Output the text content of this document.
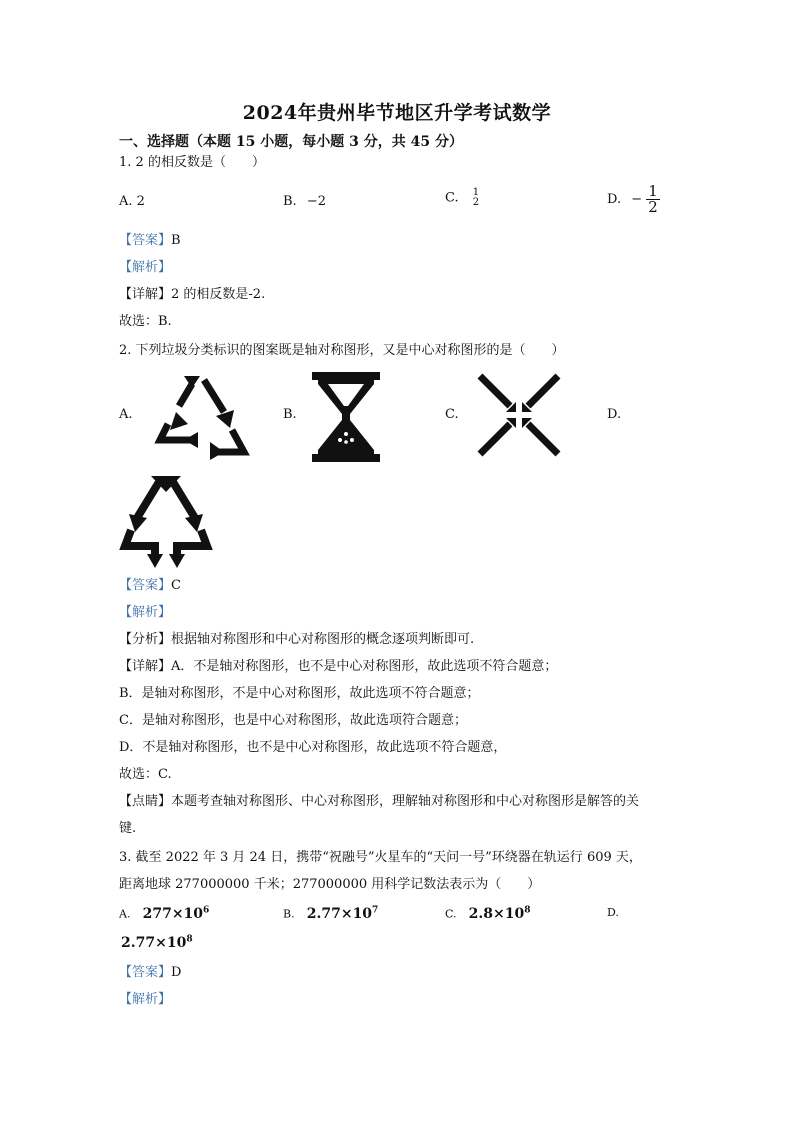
2024年贵州毕节地区升学考试数学
一、选择题（本题 15 小题，每小题 3 分，共 45 分）
1. 2 的相反数是（　　）
A. 2	B. −2	C. 1
2	D. − $\frac{1}{2}$
【答案】B
【解析】
【详解】2 的相反数是-2.
故选：B.
2. 下列垃圾分类标识的图案既是轴对称图形，又是中心对称图形的是（　　）
A.	B.	C.	D.
【答案】C
【解析】
【分析】根据轴对称图形和中心对称图形的概念逐项判断即可.
【详解】A．不是轴对称图形，也不是中心对称图形，故此选项不符合题意；
B．是轴对称图形，不是中心对称图形，故此选项不符合题意；
C．是轴对称图形，也是中心对称图形，故此选项符合题意；
D．不是轴对称图形，也不是中心对称图形，故此选项不符合题意，
故选：C.
【点睛】本题考查轴对称图形、中心对称图形，理解轴对称图形和中心对称图形是解答的关
键.
3. 截至 2022 年 3 月 24 日，携带“祝融号”火星车的“天问一号”环绕器在轨运行 609 天，
距离地球 277000000 千米；277000000 用科学记数法表示为（　　）
A. $277\times 10^6$	B. $2.77\times 10^7$	C. $2.8\times 10^8$	D.
$2.77\times 10^8$
【答案】D
【解析】
